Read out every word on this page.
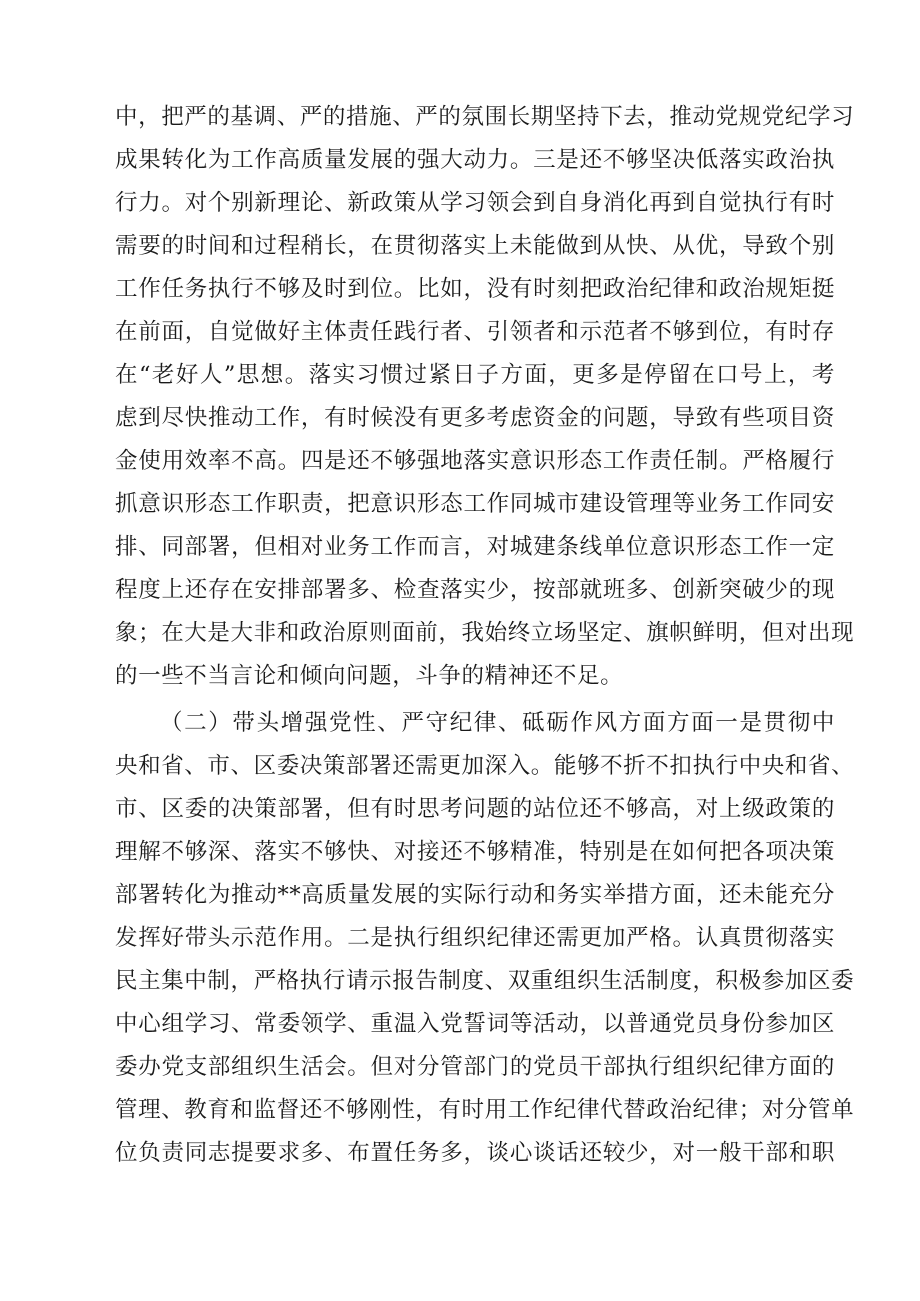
中，把严的基调、严的措施、严的氛围长期坚持下去，推动党规党纪学习
成果转化为工作高质量发展的强大动力。三是还不够坚决低落实政治执
行力。对个别新理论、新政策从学习领会到自身消化再到自觉执行有时
需要的时间和过程稍长，在贯彻落实上未能做到从快、从优，导致个别
工作任务执行不够及时到位。比如，没有时刻把政治纪律和政治规矩挺
在前面，自觉做好主体责任践行者、引领者和示范者不够到位，有时存
在“老好人”思想。落实习惯过紧日子方面，更多是停留在口号上，考
虑到尽快推动工作，有时候没有更多考虑资金的问题，导致有些项目资
金使用效率不高。四是还不够强地落实意识形态工作责任制。严格履行
抓意识形态工作职责，把意识形态工作同城市建设管理等业务工作同安
排、同部署，但相对业务工作而言，对城建条线单位意识形态工作一定
程度上还存在安排部署多、检查落实少，按部就班多、创新突破少的现
象；在大是大非和政治原则面前，我始终立场坚定、旗帜鲜明，但对出现
的一些不当言论和倾向问题，斗争的精神还不足。
（二）带头增强党性、严守纪律、砥砺作风方面方面一是贯彻中
央和省、市、区委决策部署还需更加深入。能够不折不扣执行中央和省、
市、区委的决策部署，但有时思考问题的站位还不够高，对上级政策的
理解不够深、落实不够快、对接还不够精准，特别是在如何把各项决策
部署转化为推动**高质量发展的实际行动和务实举措方面，还未能充分
发挥好带头示范作用。二是执行组织纪律还需更加严格。认真贯彻落实
民主集中制，严格执行请示报告制度、双重组织生活制度，积极参加区委
中心组学习、常委领学、重温入党誓词等活动，以普通党员身份参加区
委办党支部组织生活会。但对分管部门的党员干部执行组织纪律方面的
管理、教育和监督还不够刚性，有时用工作纪律代替政治纪律；对分管单
位负责同志提要求多、布置任务多，谈心谈话还较少，对一般干部和职
